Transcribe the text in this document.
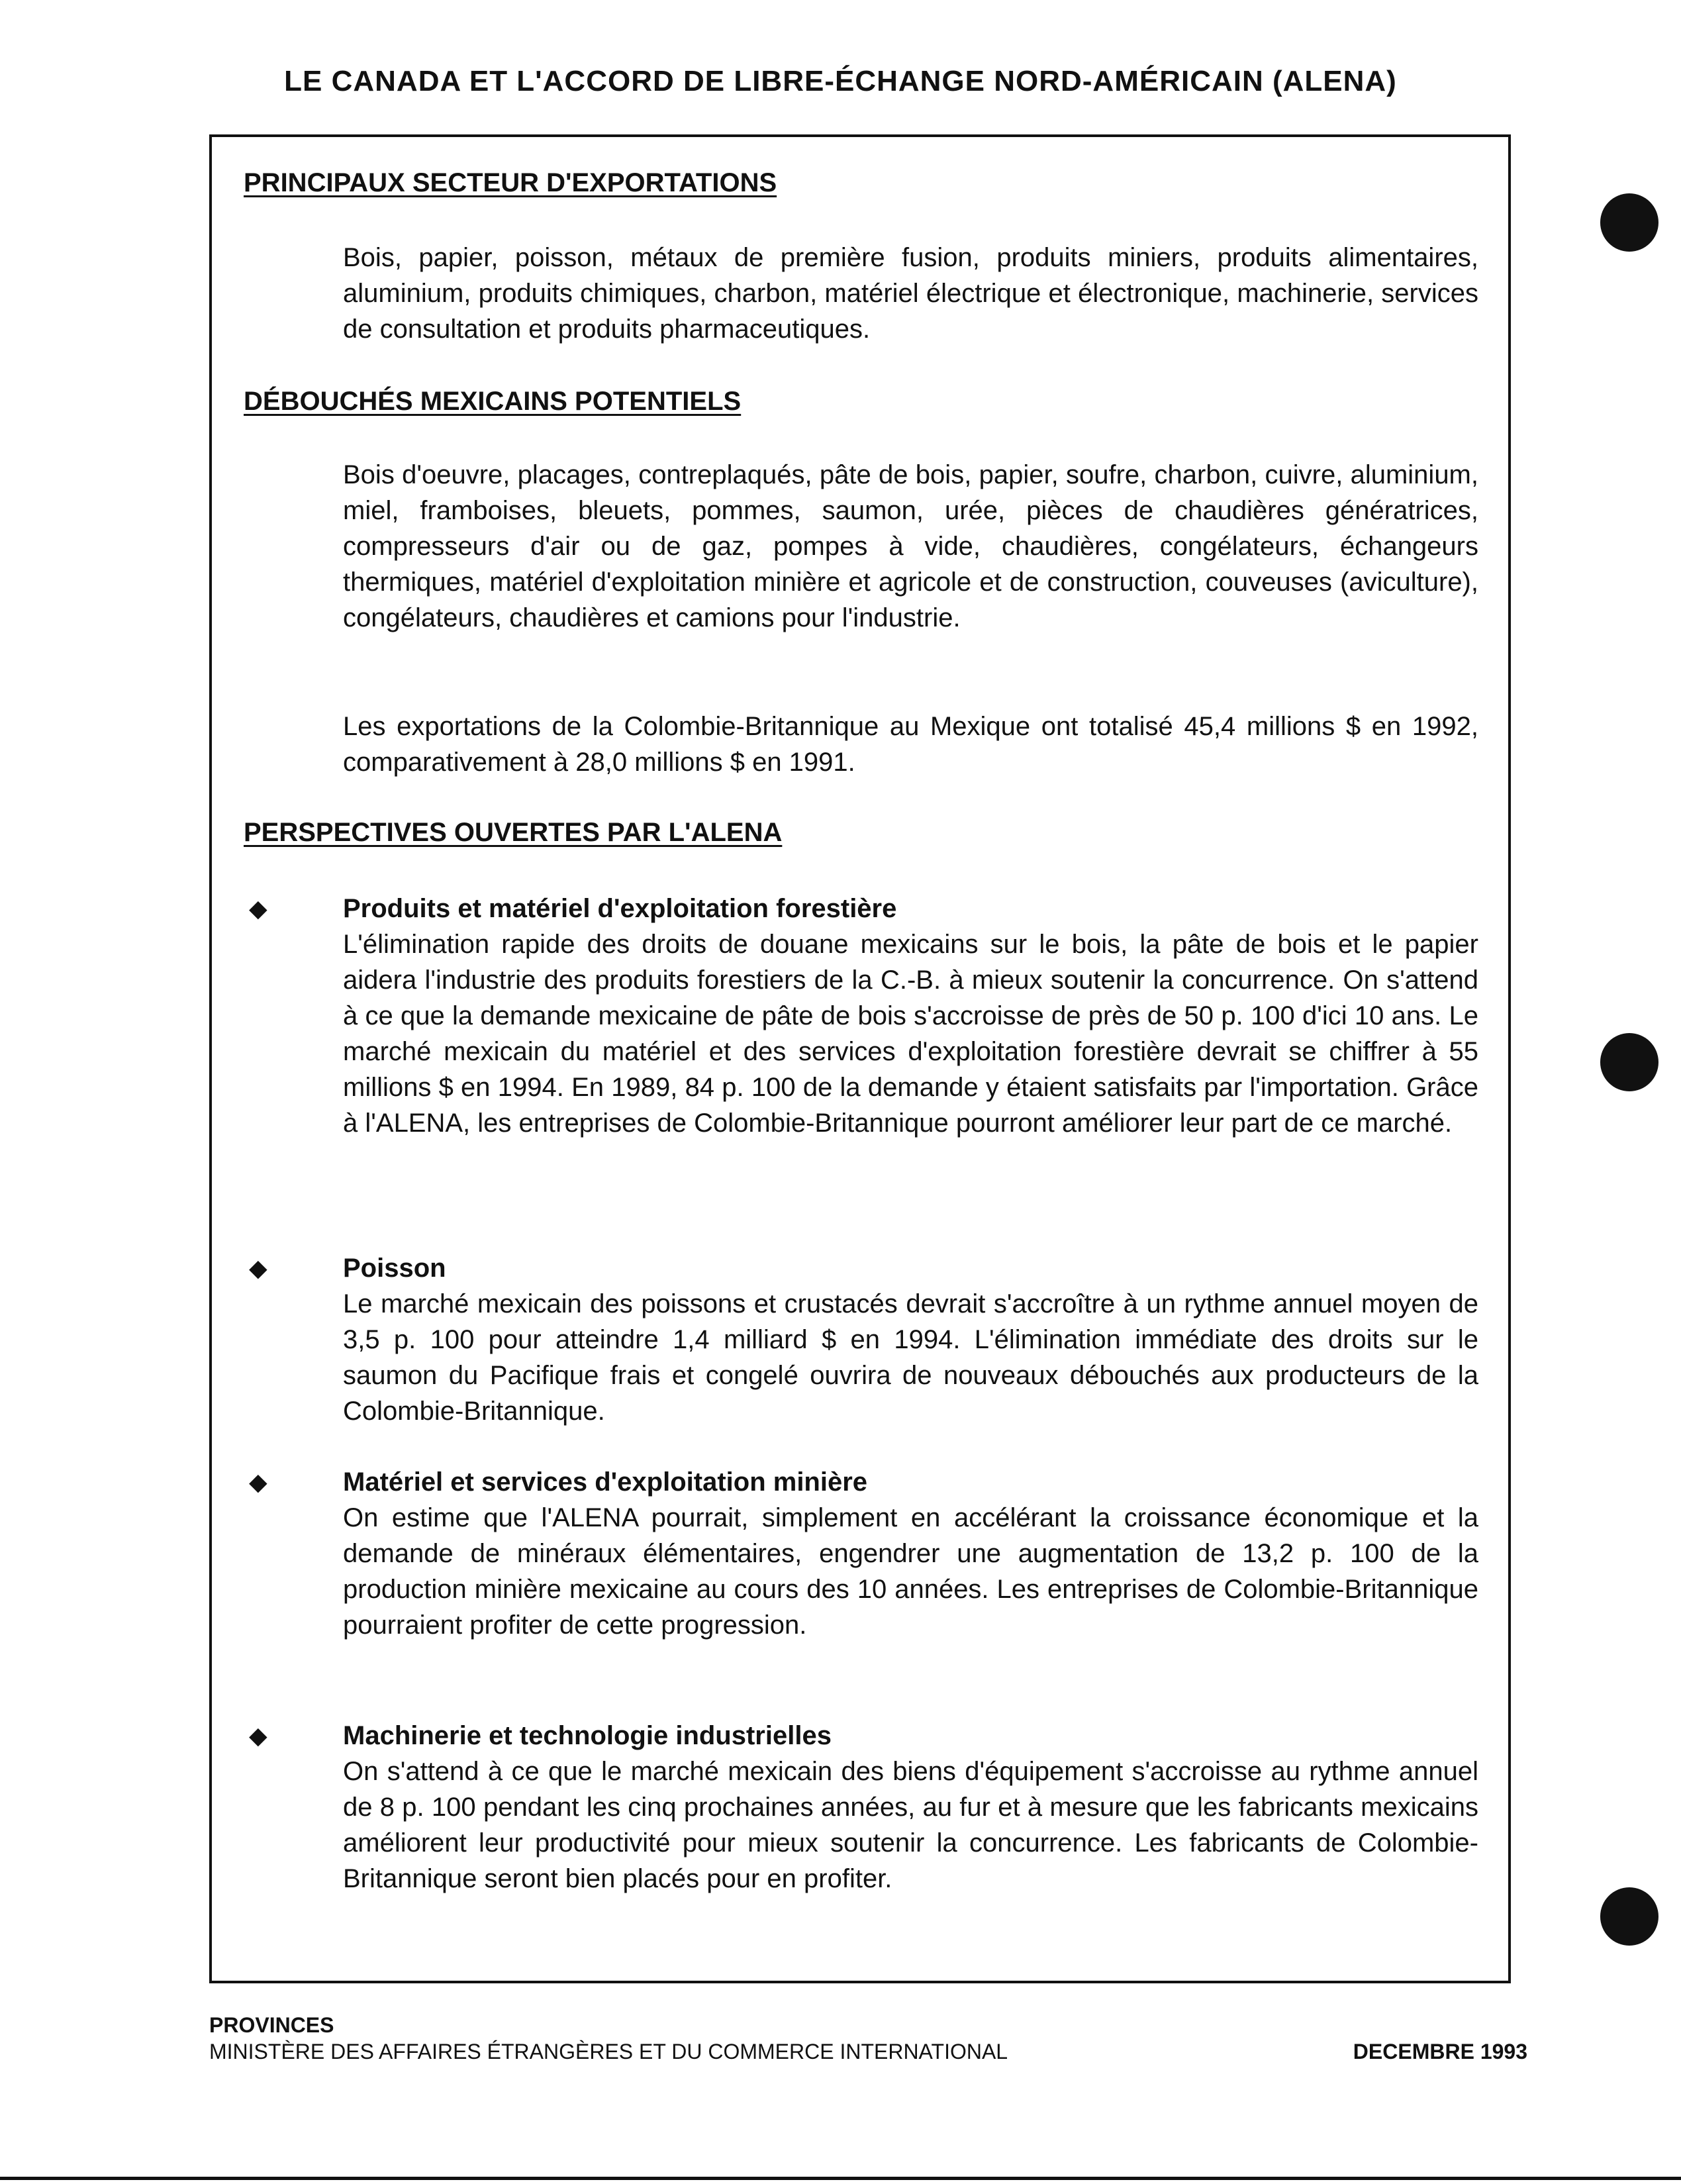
LE CANADA ET L'ACCORD DE LIBRE-ÉCHANGE NORD-AMÉRICAIN (ALENA)
PRINCIPAUX SECTEUR D'EXPORTATIONS

Bois, papier, poisson, métaux de première fusion, produits miniers, produits alimentaires, aluminium, produits chimiques, charbon, matériel électrique et électronique, machinerie, services de consultation et produits pharmaceutiques.

DÉBOUCHÉS MEXICAINS POTENTIELS

Bois d'oeuvre, placages, contreplaqués, pâte de bois, papier, soufre, charbon, cuivre, aluminium, miel, framboises, bleuets, pommes, saumon, urée, pièces de chaudières génératrices, compresseurs d'air ou de gaz, pompes à vide, chaudières, congélateurs, échangeurs thermiques, matériel d'exploitation minière et agricole et de construction, couveuses (aviculture), congélateurs, chaudières et camions pour l'industrie.

Les exportations de la Colombie-Britannique au Mexique ont totalisé 45,4 millions $ en 1992, comparativement à 28,0 millions $ en 1991.

PERSPECTIVES OUVERTES PAR L'ALENA
◆	Produits et matériel d'exploitation forestière

L'élimination rapide des droits de douane mexicains sur le bois, la pâte de bois et le papier aidera l'industrie des produits forestiers de la C.-B. à mieux soutenir la concurrence. On s'attend à ce que la demande mexicaine de pâte de bois s'accroisse de près de 50 p. 100 d'ici 10 ans. Le marché mexicain du matériel et des services d'exploitation forestière devrait se chiffrer à 55 millions $ en 1994. En 1989, 84 p. 100 de la demande y étaient satisfaits par l'importation. Grâce à l'ALENA, les entreprises de Colombie-Britannique pourront améliorer leur part de ce marché.

◆	Poisson

Le marché mexicain des poissons et crustacés devrait s'accroître à un rythme annuel moyen de 3,5 p. 100 pour atteindre 1,4 milliard $ en 1994. L'élimination immédiate des droits sur le saumon du Pacifique frais et congelé ouvrira de nouveaux débouchés aux producteurs de la Colombie-Britannique.

◆	Matériel et services d'exploitation minière

On estime que l'ALENA pourrait, simplement en accélérant la croissance économique et la demande de minéraux élémentaires, engendrer une augmentation de 13,2 p. 100 de la production minière mexicaine au cours des 10 années. Les entreprises de Colombie-Britannique pourraient profiter de cette progression.

◆	Machinerie et technologie industrielles

On s'attend à ce que le marché mexicain des biens d'équipement s'accroisse au rythme annuel de 8 p. 100 pendant les cinq prochaines années, au fur et à mesure que les fabricants mexicains améliorent leur productivité pour mieux soutenir la concurrence. Les fabricants de Colombie-Britannique seront bien placés pour en profiter.

PROVINCES
MINISTÈRE DES AFFAIRES ÉTRANGÈRES ET DU COMMERCE INTERNATIONAL	DECEMBRE 1993
